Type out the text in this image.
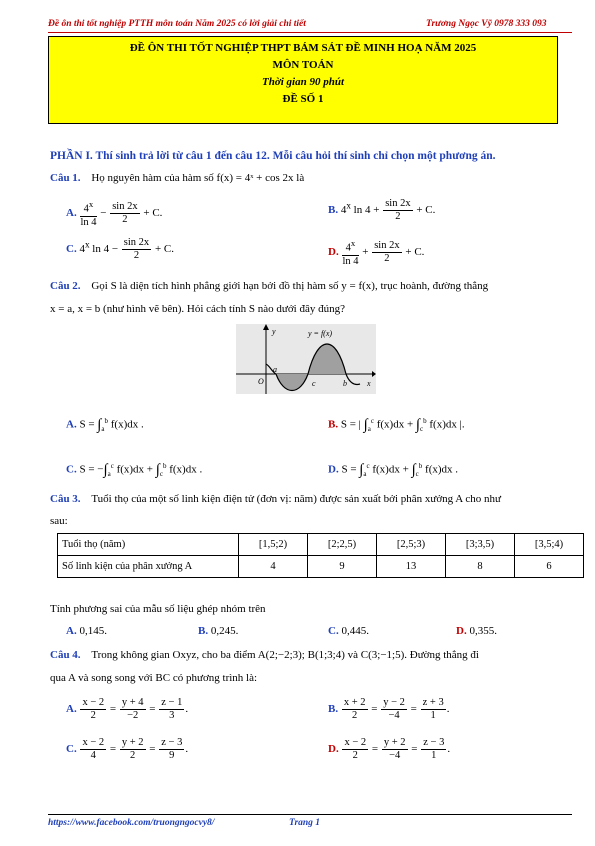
Đề ôn thi tốt nghiệp PTTH môn toán Năm 2025 có lời giải chi tiết	Trương Ngọc Vỹ 0978 333 093
ĐỀ ÔN THI TỐT NGHIỆP THPT BÁM SÁT ĐỀ MINH HOẠ NĂM 2025
MÔN TOÁN
Thời gian 90 phút
ĐỀ SỐ 1
PHẦN I. Thí sinh trả lời từ câu 1 đến câu 12. Mỗi câu hỏi thí sinh chỉ chọn một phương án.
Câu 1. Họ nguyên hàm của hàm số f(x) = 4ˣ + cos 2x là
A. $\frac{4^x}{\ln 4} - \frac{\sin 2x}{2} + C$.	B. 4$^x$ $\ln 4 + \frac{\sin 2x}{2} + C$.
C. 4$^x$ $\ln 4 - \frac{\sin 2x}{2} + C$.	D. $\frac{4^x}{\ln 4} + \frac{\sin 2x}{2} + C$.
Câu 2. Gọi S là diện tích hình phẳng giới hạn bởi đồ thị hàm số y = f(x), trục hoành, đường thẳng
x = a, x = b (như hình vẽ bên). Hỏi cách tính S nào dưới đây đúng?
y	y = f(x)
O
a
c	b	x
A. $S = \int_a^b$ f(x)dx .	B. S = | $\int_a^c$ $f(x)dx + \int_c^b$ f(x)dx |.
C. $S = -\int_a^c$ $f(x)dx + \int_c^b$ f(x)dx .	D. $S = \int_a^c$ $f(x)dx + \int_c^b$ f(x)dx .
Câu 3. Tuổi thọ của một số linh kiện điện tử (đơn vị: năm) được sản xuất bởi phân xưởng A cho như
sau:
Tuổi thọ (năm)	[1,5;2)	[2;2,5)	[2,5;3)	[3;3,5)	[3,5;4)
Số linh kiện của phân xưởng A	4	9	13	8	6
Tính phương sai của mẫu số liệu ghép nhóm trên
A. 0,145.	B. 0,245.	C. 0,445.	D. 0,355.
Câu 4. Trong không gian Oxyz, cho ba điểm A(2;−2;3); B(1;3;4) và C(3;−1;5). Đường thẳng đi
qua A và song song với BC có phương trình là:
A. $\frac{x - 2}{2} = \frac{y + 4}{-2} = \frac{z - 1}{3}$ .	B. $\frac{x + 2}{2} = \frac{y - 2}{-4} = \frac{z + 3}{1}$ .
C. $\frac{x - 2}{4} = \frac{y + 2}{2} = \frac{z - 3}{9}$ .	D. $\frac{x - 2}{2} = \frac{y + 2}{-4} = \frac{z - 3}{1}$ .
https://www.facebook.com/truongngocvy8/	Trang 1
